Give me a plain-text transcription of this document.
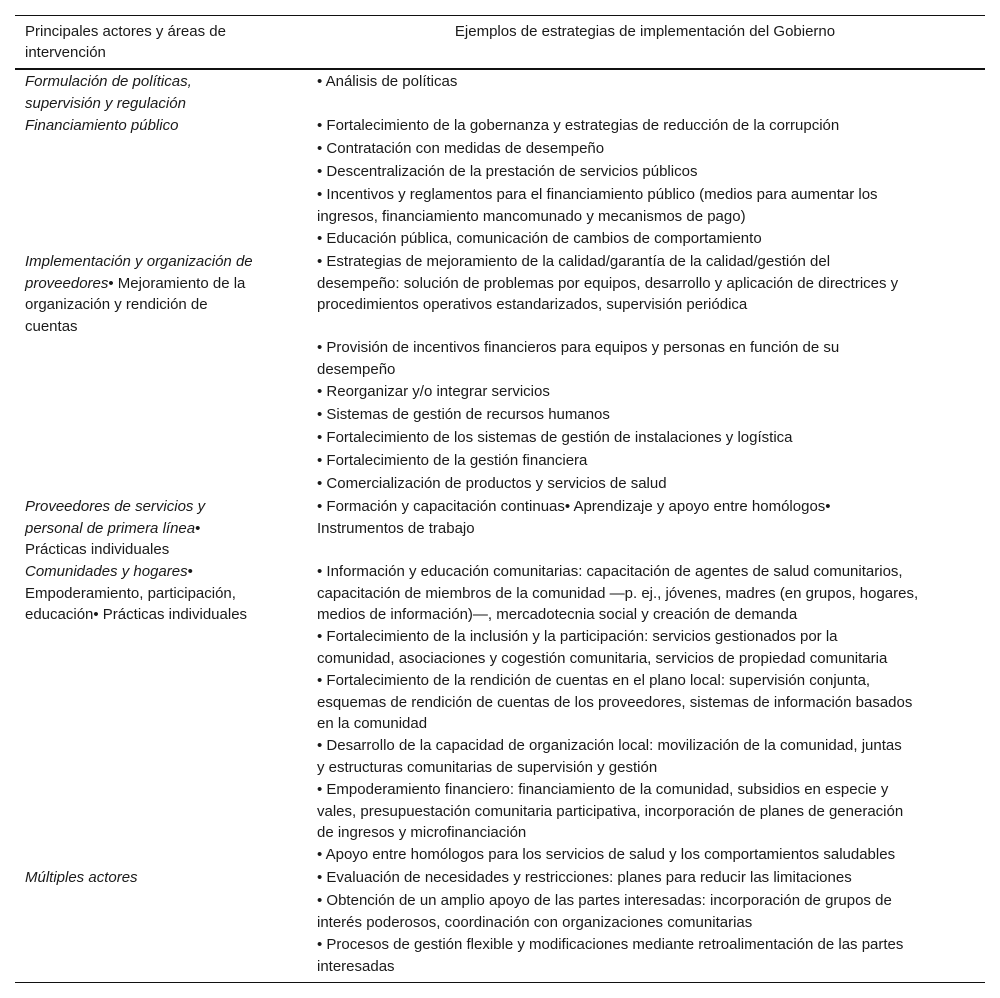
Principales actores y áreas de
intervención
Ejemplos de estrategias de implementación del Gobierno
Formulación de políticas,
supervisión y regulación
• Análisis de políticas
Financiamiento público	• Fortalecimiento de la gobernanza y estrategias de reducción de la corrupción
• Contratación con medidas de desempeño
• Descentralización de la prestación de servicios públicos
• Incentivos y reglamentos para el financiamiento público (medios para aumentar los
ingresos, financiamiento mancomunado y mecanismos de pago)
• Educación pública, comunicación de cambios de comportamiento
Implementación y organización de
proveedores• Mejoramiento de la
organización y rendición de
cuentas
• Estrategias de mejoramiento de la calidad/garantía de la calidad/gestión del
desempeño: solución de problemas por equipos, desarrollo y aplicación de directrices y
procedimientos operativos estandarizados, supervisión periódica
• Provisión de incentivos financieros para equipos y personas en función de su
desempeño
• Reorganizar y/o integrar servicios
• Sistemas de gestión de recursos humanos
• Fortalecimiento de los sistemas de gestión de instalaciones y logística
• Fortalecimiento de la gestión financiera
• Comercialización de productos y servicios de salud
Proveedores de servicios y
personal de primera línea•
Prácticas individuales
• Formación y capacitación continuas• Aprendizaje y apoyo entre homólogos•
Instrumentos de trabajo
Comunidades y hogares•
Empoderamiento, participación,
educación• Prácticas individuales
• Información y educación comunitarias: capacitación de agentes de salud comunitarios,
capacitación de miembros de la comunidad —p. ej., jóvenes, madres (en grupos, hogares,
medios de información)—, mercadotecnia social y creación de demanda
• Fortalecimiento de la inclusión y la participación: servicios gestionados por la
comunidad, asociaciones y cogestión comunitaria, servicios de propiedad comunitaria
• Fortalecimiento de la rendición de cuentas en el plano local: supervisión conjunta,
esquemas de rendición de cuentas de los proveedores, sistemas de información basados
en la comunidad
• Desarrollo de la capacidad de organización local: movilización de la comunidad, juntas
y estructuras comunitarias de supervisión y gestión
• Empoderamiento financiero: financiamiento de la comunidad, subsidios en especie y
vales, presupuestación comunitaria participativa, incorporación de planes de generación
de ingresos y microfinanciación
• Apoyo entre homólogos para los servicios de salud y los comportamientos saludables
Múltiples actores	• Evaluación de necesidades y restricciones: planes para reducir las limitaciones
• Obtención de un amplio apoyo de las partes interesadas: incorporación de grupos de
interés poderosos, coordinación con organizaciones comunitarias
• Procesos de gestión flexible y modificaciones mediante retroalimentación de las partes
interesadas
